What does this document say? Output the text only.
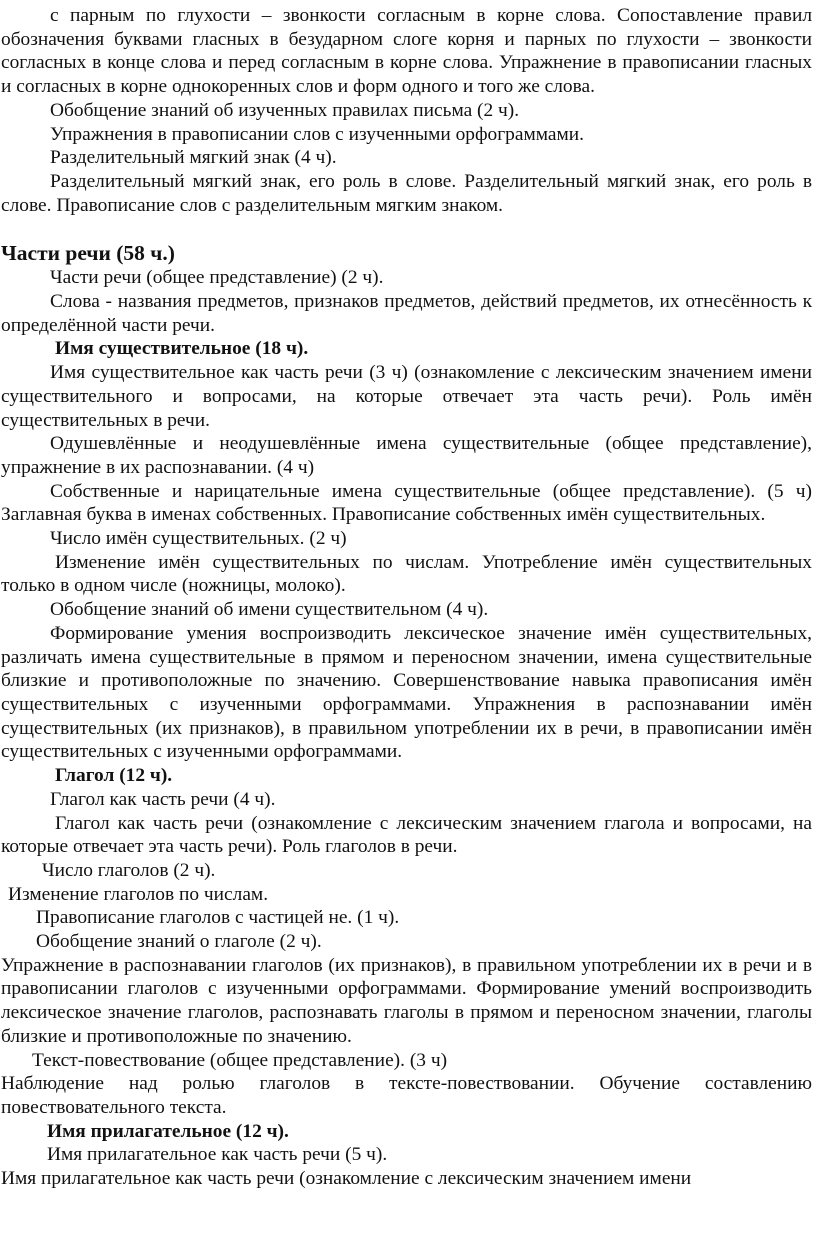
с парным по глухости – звонкости согласным в корне слова. Сопоставление правил обозначения буквами гласных в безударном слоге корня и парных по глухости – звонкости согласных в конце слова и перед согласным в корне слова. Упражнение в правописании гласных и согласных в корне однокоренных слов и форм одного и того же слова.

Обобщение знаний об изученных правилах письма (2 ч).

Упражнения в правописании слов с изученными орфограммами.

Разделительный мягкий знак (4 ч).

Разделительный мягкий знак, его роль в слове. Разделительный мягкий знак, его роль в слове. Правописание слов с разделительным мягким знаком.

Части речи (58 ч.)

Части речи (общее представление) (2 ч).

Слова - названия предметов, признаков предметов, действий предметов, их отнесённость к определённой части речи.

Имя существительное (18 ч).

Имя существительное как часть речи (3 ч) (ознакомление с лексическим значением имени существительного и вопросами, на которые отвечает эта часть речи). Роль имён существительных в речи.

Одушевлённые и неодушевлённые имена существительные (общее представление), упражнение в их распознавании. (4 ч)

Собственные и нарицательные имена существительные (общее представление). (5 ч) Заглавная буква в именах собственных. Правописание собственных имён существительных.

Число имён существительных. (2 ч)

Изменение имён существительных по числам. Употребление имён существительных только в одном числе (ножницы, молоко).

Обобщение знаний об имени существительном (4 ч).

Формирование умения воспроизводить лексическое значение имён существительных, различать имена существительные в прямом и переносном значении, имена существительные близкие и противоположные по значению. Совершенствование навыка правописания имён существительных с изученными орфограммами. Упражнения в распознавании имён существительных (их признаков), в правильном употреблении их в речи, в правописании имён существительных с изученными орфограммами.

Глагол (12 ч).

Глагол как часть речи (4 ч).

Глагол как часть речи (ознакомление с лексическим значением глагола и вопросами, на которые отвечает эта часть речи). Роль глаголов в речи.

Число глаголов (2 ч).

Изменение глаголов по числам.

Правописание глаголов с частицей не. (1 ч).

Обобщение знаний о глаголе (2 ч).

Упражнение в распознавании глаголов (их признаков), в правильном употреблении их в речи и в правописании глаголов с изученными орфограммами. Формирование умений воспроизводить лексическое значение глаголов, распознавать глаголы в прямом и переносном значении, глаголы близкие и противоположные по значению.

Текст-повествование (общее представление). (3 ч)

Наблюдение над ролью глаголов в тексте-повествовании. Обучение составлению повествовательного текста.

Имя прилагательное (12 ч).

Имя прилагательное как часть речи (5 ч).

Имя прилагательное как часть речи (ознакомление с лексическим значением имени
